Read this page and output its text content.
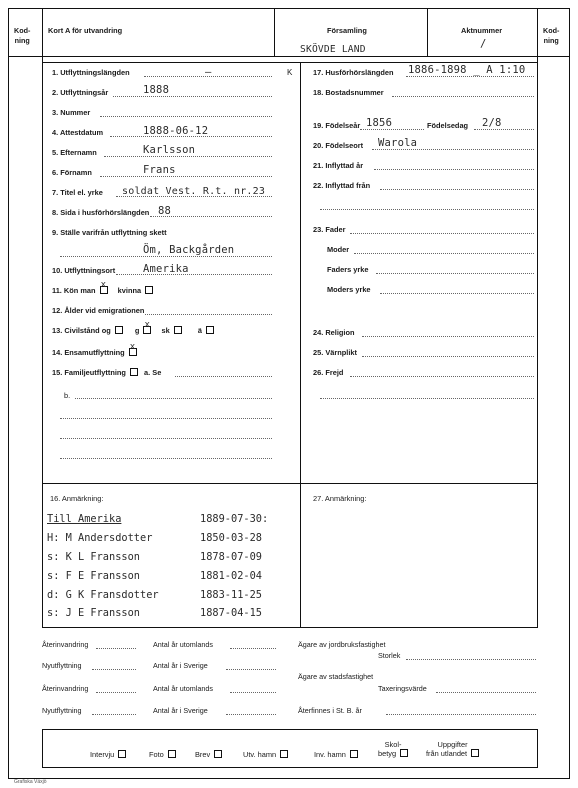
Kod-
ning
Kort A för utvandring	Församling
SKÖVDE LAND
Aktnummer
/
Kod-
ning
1. Utflyttningslängden	–	K
2. Utflyttningsår	1888
3. Nummer
4. Attestdatum	1888-06-12
5. Efternamn	Karlsson
6. Förnamn	Frans
7. Titel el. yrke soldat Vest. R.t. nr.23
8. Sida i husförhörslängden 88
9. Ställe varifrån utflyttning skett
Öm, Backgården
10. Utflyttningsort	Amerika
11. Kön man x	kvinna
12. Ålder vid emigrationen
13. Civilstånd og	g x	sk	ä
14. Ensamutflyttning x
15. Familjeutflyttning a. Se
b.
17. Husförhörslängden 1886-1898 _ A 1:10
18. Bostadsnummer
19. Födelseår 1856	Födelsedag 2/8
20. Födelseort Warola
21. Inflyttad år
22. Inflyttad från
23. Fader
Moder
Faders yrke
Moders yrke
24. Religion
25. Värnplikt
26. Frejd
16. Anmärkning:	27. Anmärkning:
Till Amerika	1889-07-30:
H: M Andersdotter	1850-03-28
s: K L Fransson	1878-07-09
s: F E Fransson	1881-02-04
d: G K Fransdotter	1883-11-25
s: J E Fransson	1887-04-15
Återinvandring	Antal år utomlands	Ägare av jordbruksfastighet
Storlek
Nyutflyttning	Antal år i Sverige
Ägare av stadsfastighet
Taxeringsvärde
Återinvandring	Antal år utomlands
Nyutflyttning	Antal år i Sverige	Återfinnes i St. B. år
Intervju	Foto	Brev	Utv. hamn	Inv. hamn
Skol-
betyg
Uppgifter
från utlandet
Grafiska Växjö
